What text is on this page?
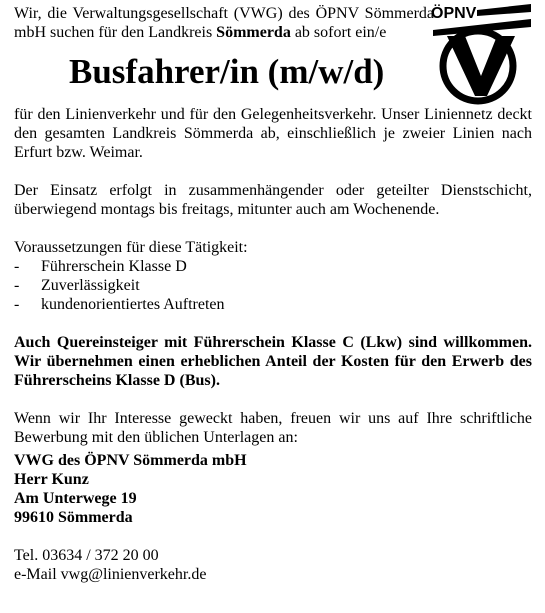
Wir, die Verwaltungsgesellschaft (VWG) des ÖPNV Sömmerda mbH suchen für den Landkreis Sömmerda ab sofort ein/e
Busfahrer/in (m/w/d)

für den Linienverkehr und für den Gelegenheitsverkehr. Unser Liniennetz deckt den gesamten Landkreis Sömmerda ab, einschließlich je zweier Linien nach Erfurt bzw. Weimar.

Der Einsatz erfolgt in zusammenhängender oder geteilter Dienstschicht, überwiegend montags bis freitags, mitunter auch am Wochenende.

Voraussetzungen für diese Tätigkeit:

-	Führerschein Klasse D
-	Zuverlässigkeit
-	kundenorientiertes Auftreten

Auch Quereinsteiger mit Führerschein Klasse C (Lkw) sind willkommen. Wir übernehmen einen erheblichen Anteil der Kosten für den Erwerb des Führerscheins Klasse D (Bus).

Wenn wir Ihr Interesse geweckt haben, freuen wir uns auf Ihre schriftliche Bewerbung mit den üblichen Unterlagen an:

VWG des ÖPNV Sömmerda mbH
Herr Kunz
Am Unterwege 19
99610 Sömmerda
Tel. 03634 / 372 20 00
e-Mail vwg@linienverkehr.de
ÖPNV
